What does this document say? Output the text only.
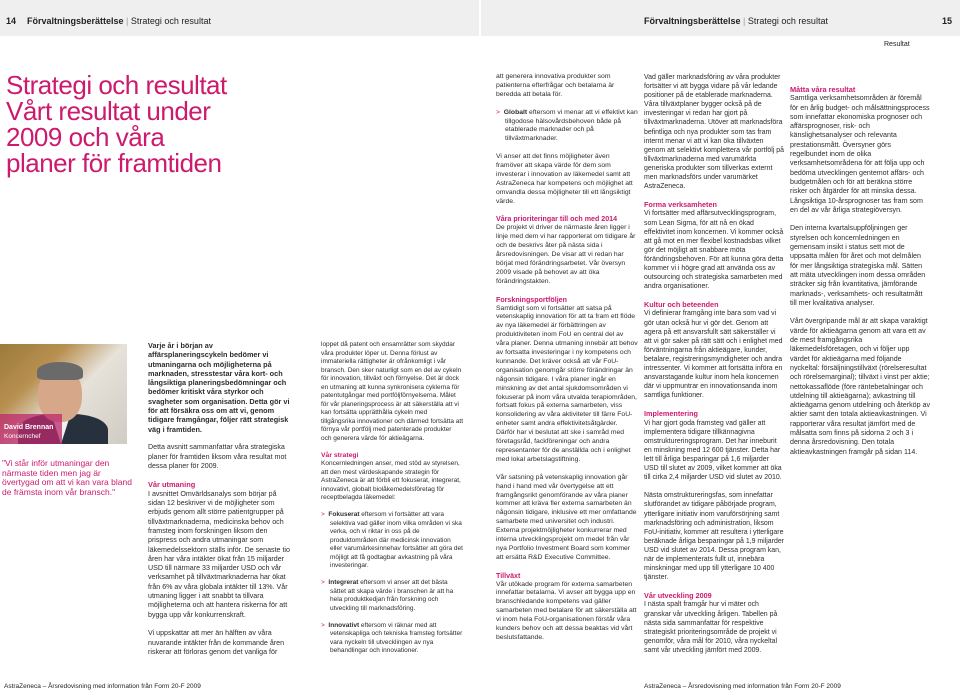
14 Förvaltningsberättelse | Strategi och resultat	Förvaltningsberättelse | Strategi och resultat	15
Resultat
Strategi och resultat Vårt resultat under 2009 och våra planer för framtiden
David Brennan
Koncernchef
"Vi står inför utmaningar den närmaste tiden men jag är övertygad om att vi kan vara bland de främsta inom vår bransch."

Varje år i början av affärsplaneringscykeln bedömer vi utmaningarna och möjligheterna på marknaden, stresstestar våra kort- och långsiktiga planeringsbedömningar och bedömer kritiskt våra styrkor och svagheter som organisation. Detta gör vi för att försäkra oss om att vi, genom tidigare framgångar, följer rätt strategisk väg i framtiden.

Detta avsnitt sammanfattar våra strategiska planer för framtiden liksom våra resultat mot dessa planer för 2009.

Vår utmaning

I avsnittet Omvärldsanalys som börjar på sidan 12 beskriver vi de möjligheter som erbjuds genom allt större patientgrupper på tillväxtmarknaderna, medicinska behov och framsteg inom forskningen liksom den prispress och andra utmaningar som läkemedelssektorn ställs inför. De senaste tio åren har våra intäkter ökat från 15 miljarder USD till närmare 33 miljarder USD och vår verksamhet på tillväxtmarknaderna har ökat från 6% av våra globala intäkter till 13%. Vår utmaning ligger i att snabbt ta tillvara möjligheterna och att hantera riskerna för att bygga upp vår konkurrenskraft.

Vi uppskattar att mer än hälften av våra nuvarande intäkter från de kommande åren riskerar att förloras genom det vanliga för

loppet då patent och ensamrätter som skyddar våra produkter löper ut. Denna förlust av immateriella rättigheter är ofrånkomligt i vår bransch. Den sker naturligt som en del av cykeln för innovation, tillväxt och förnyelse. Det är dock en utmaning att kunna synkronisera cyklerna för patentutgångar med portföljförnyelserna. Målet för vår planeringsprocess är att säkerställa att vi kan fortsätta upprätthålla cykeln med tillgångsrika innovationer och därmed fortsätta att förnya vår portfölj med patenterade produkter och generera värde för aktieägarna.

Vår strategi

Koncernledningen anser, med stöd av styrelsen, att den mest värdeskapande strategin för AstraZeneca är att förbli ett fokuserat, integrerat, innovativt, globalt biolåkemedelsföretag för receptbelagda läkemedel:

>  Fokuserat eftersom vi fortsätter att vara selektiva vad gäller inom vilka områden vi ska verka, och vi riktar in oss på de produktområden där medicinsk innovation eller varumärkesinnehav fortsätter att göra det möjligt att få godtagbar avkastning på våra investeringar.

>  Integrerat eftersom vi anser att det bästa sättet att skapa värde i branschen är att ha hela produktkedjan från forskning och utveckling till marknadsföring.

>  Innovativt eftersom vi räknar med att vetenskapliga och tekniska framsteg fortsätter vara nyckeln till utvecklingen av nya behandlingar och innovationer.

att generera innovativa produkter som patienterna efterfrågar och betalarna är beredda att betala för.

>  Globalt eftersom vi menar att vi effektivt kan tillgodose hälsovårdsbehoven både på etablerade marknader och på tillväxtmarknader.

Vi anser att det finns möjligheter även framöver att skapa värde för dem som investerar i innovation av läkemedel samt att AstraZeneca har kompetens och möjlighet att omvandla dessa möjligheter till ett långsiktigt värde.

Våra prioriteringar till och med 2014

De projekt vi driver de närmaste åren ligger i linje med dem vi har rapporterat om tidigare år och de beskrivs åter på nästa sida i årsredovisningen. De visar att vi redan har börjat med förändringsarbetet. Vår översyn 2009 visade på behovet av att öka förändringstakten.

Forskningsportföljen

Samtidigt som vi fortsätter att satsa på vetenskaplig innovation för att ta fram ett flöde av nya läkemedel är förbättringen av produktiviteten inom FoU en central del av våra planer. Denna utmaning innebär att behov av fortsatta investeringar i ny kompetens och kunnande. Det kräver också att vår FoU-organisation genomgår större förändringar än någonsin tidigare. I våra planer ingår en minskning av det antal sjukdomsområden vi fokuserar på inom våra utvalda terapiområden, fortsatt fokus på externa samarbeten, viss konsolidering av våra aktiviteter till färre FoU-enheter samt andra effektivitetsåtgärder. Därför har vi beslutat att ske i samråd med företagsråd, fackföreningar och andra representanter för de anställda och i enlighet med lokal arbetslagstiftning.

Vår satsning på vetenskaplig innovation går hand i hand med vår övertygelse att ett framgångsrikt genomförande av våra planer kommer att kräva fler externa samarbeten än någonsin tidigare, inklusive ett mer omfattande samarbete med universitet och industri. Externa projektmöjligheter konkurrerar med interna utvecklingsprojekt om medel från vår nya Portfolio Investment Board som kommer att ersätta R&D Executive Committee.

Tillväxt

Vår utökade program för externa samarbeten innefattar betalarna. Vi avser att bygga upp en branschledande kompetens vad gäller samarbeten med betalare för att säkerställa att vi inom hela FoU-organisationen förstår våra kunders behov och att dessa beaktas vid vårt beslutsfattande.

Vad gäller marknadsföring av våra produkter fortsätter vi att bygga vidare på vår ledande positioner på de etablerade marknaderna. Våra tillväxtplaner bygger också på de investeringar vi redan har gjort på tillväxtmarknaderna. Utöver att marknadsföra befintliga och nya produkter som tas fram internt menar vi att vi kan öka tillväxten genom att selektivt komplettera vår portfölj på tillväxtmarknaderna med varumärkta generiska produkter som tillverkas externt men marknadsförs under varumärket AstraZeneca.

Forma verksamheten

Vi fortsätter med affärsutvecklingsprogram, som Lean Sigma, för att nå en ökad effektivitet inom koncernen. Vi kommer också att gå mot en mer flexibel kostnadsbas vilket gör det möjligt att snabbare möta förändringsbehoven. För att kunna göra detta kommer vi i högre grad att använda oss av outsourcing och strategiska samarbeten med andra organisationer.

Kultur och beteenden

Vi definierar framgång inte bara som vad vi gör utan också hur vi gör det. Genom att agera på ett ansvarsfullt sätt säkerställer vi att vi gör saker på rätt sätt och i enlighet med förväntningarna från aktieägare, kunder, betalare, registreringsmyndigheter och andra intressenter. Vi kommer att fortsätta införa en ansvarstagande kultur inom hela koncernen där vi uppmuntrar en innovationsanda inom samtliga funktioner.

Implementering

Vi har gjort goda framsteg vad gäller att implementera tidigare tillkännagivna omstruktureringsprogram. Det har inneburit en minskning med 12 600 tjänster. Detta har lett till årliga besparingar på 1,6 miljarder USD till slutet av 2009, vilket kommer att öka till cirka 2,4 miljarder USD vid slutet av 2010.

Nästa omstruktureringsfas, som innefattar slutförandet av tidigare påbörjade program, ytterligare initiativ inom varuförsörjning samt marknadsföring och administration, liksom FoU-initiativ, kommer att resultera i ytterligare beräknade årliga besparingar på 1,9 miljarder USD vid slutet av 2014. Dessa program kan, när de implementerats fullt ut, innebära minskningar med upp till ytterligare 10 400 tjänster.

Vår utveckling 2009

I nästa spalt framgår hur vi mäter och granskar vår utveckling årligen. Tabellen på nästa sida sammanfattar för respektive strategiskt prioriteringsområde de projekt vi genomför, våra mål för 2010, våra nyckeltal samt vår utveckling jämfört med 2009.

Måtta våra resultat

Samtliga verksamhetsområden är föremål för en årlig budget- och målsättningsprocess som innefattar ekonomiska prognoser och affärsprognoser, risk- och känslighetsanalyser och relevanta prestationsmått. Översyner görs regelbundet inom de olika verksamhetsområdena för att följa upp och bedöma utvecklingen gentemot affärs- och budgetmålen och för att beräkna större risker och åtgärder för att minska dessa. Långsiktiga 10-årsprognoser tas fram som en del av vår årliga strategiöversyn.

Den interna kvartalsuppföljningen ger styrelsen och koncernledningen en gemensam insikt i status sett mot de uppsatta målen för året och mot delmålen för mer långsiktiga strategiska mål. Sätten att mäta utvecklingen inom dessa områden sträcker sig från kvantitativa, jämförande marknads-, verksamhets- och resultatmått till mer kvalitativa analyser.

Vårt övergripande mål är att skapa varaktigt värde för aktieägarna genom att vara ett av de mest framgångsrika läkemedelsföretagen, och vi följer upp värdet för aktieägarna med följande nyckeltal: försäljningstillväxt (rörelseresultat och rörelsemarginal); tillväxt i vinst per aktie; nettokassaflöde (före räntebetalningar och utdelning till aktieägarna); avkastning till aktieägarna genom utdelning och återköp av aktier samt den totala aktieavkastningen. Vi rapporterar våra resultat jämfört med de målsatta som finns på sidorna 2 och 3 i denna årsredovisning. Den totala aktieavkastningen framgår på sidan 114.

AstraZeneca – Årsredovisning med information från Form 20-F 2009	AstraZeneca – Årsredovisning med information från Form 20-F 2009
